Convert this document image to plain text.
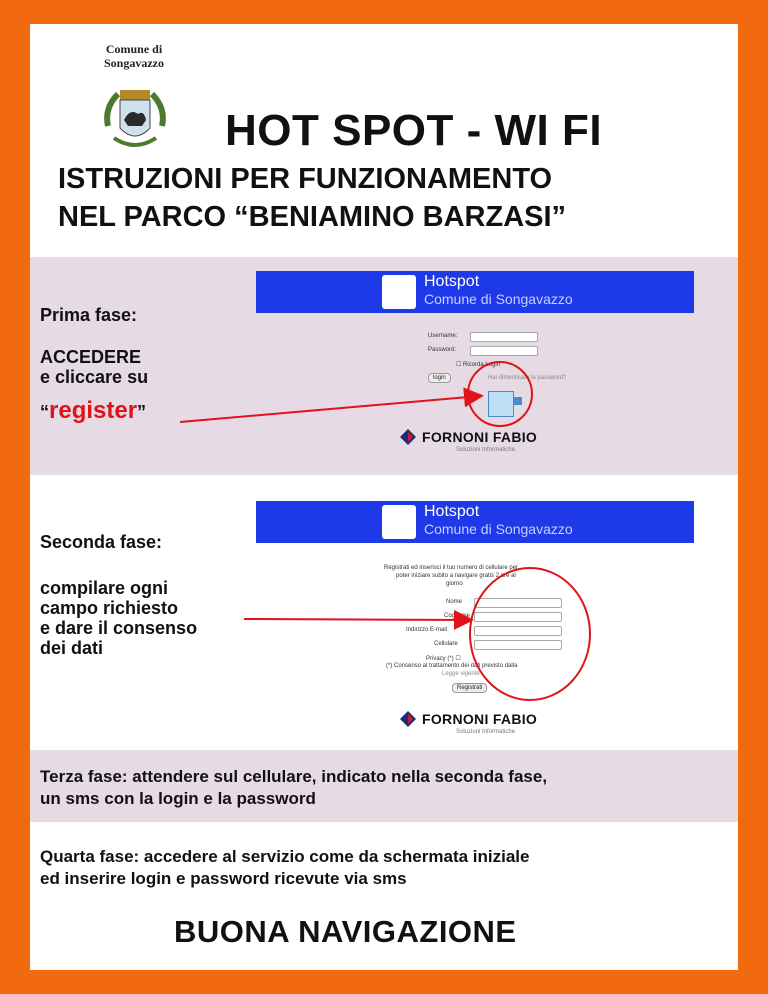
Comune di Songavazzo
HOT SPOT - WI FI
ISTRUZIONI PER FUNZIONAMENTO
NEL PARCO “BENIAMINO BARZASI”
Prima fase:
ACCEDERE
e cliccare su
“register”
Hotspot
Comune di Songavazzo
Username:
Password:
☐ Ricorda Login
login	Hai dimenticato la password?
FORNONI FABIO
Soluzioni Informatiche
Seconda fase:
compilare ogni
campo richiesto
e dare il consenso
dei dati
Hotspot
Comune di Songavazzo
Registrati ed inserisci il tuo numero di cellulare per
poter iniziare subito a navigare gratis 2 ore al
giorno
Nome
Cognome
Indirizzo E-mail
Cellulare
Privacy (*) ☐
(*) Consenso al trattamento dei dati previsto dalla
Legge vigente
Registrati
FORNONI FABIO
Soluzioni Informatiche
Terza fase: attendere sul cellulare, indicato nella seconda fase,
un sms con la login e la password
Quarta fase: accedere al servizio come da schermata iniziale
ed inserire login e password ricevute via sms
BUONA NAVIGAZIONE
